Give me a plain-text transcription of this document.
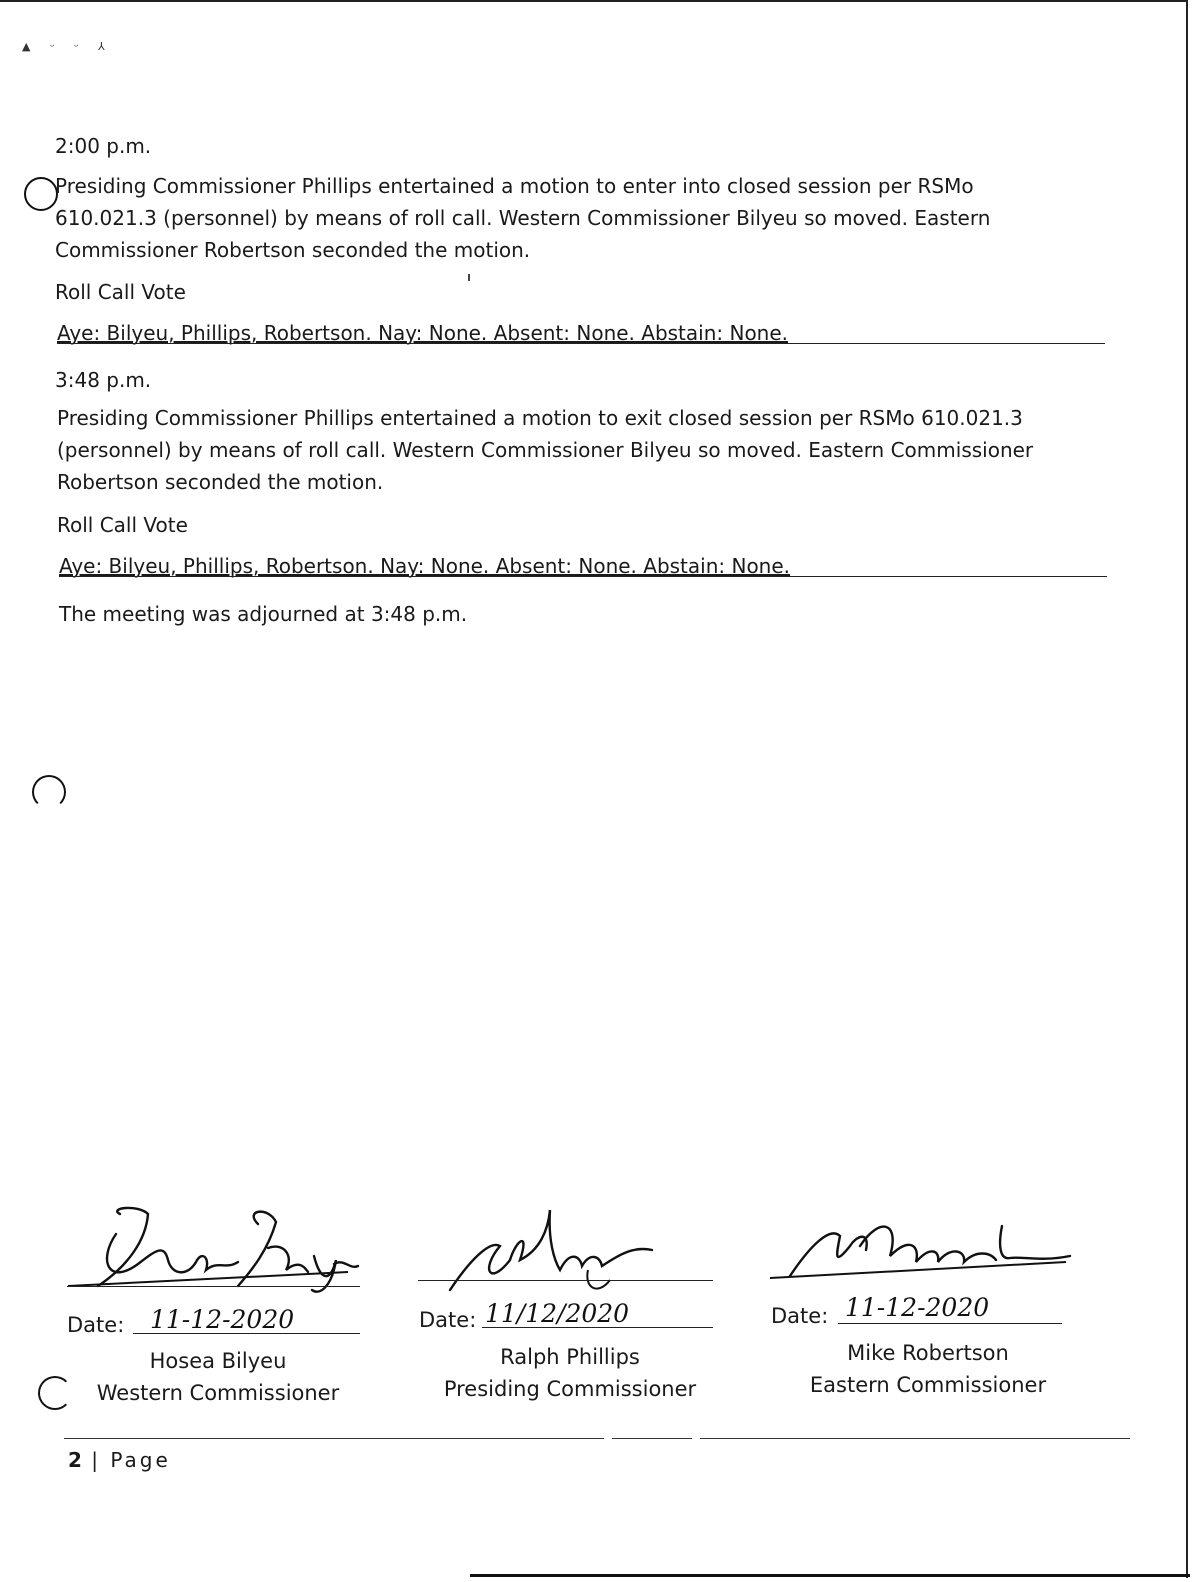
▲ ᵕ ᵕ ⅄
2:00 p.m.
Presiding Commissioner Phillips entertained a motion to enter into closed session per RSMo 610.021.3 (personnel) by means of roll call. Western Commissioner Bilyeu so moved. Eastern Commissioner Robertson seconded the motion.
Roll Call Vote
Aye: Bilyeu, Phillips, Robertson. Nay: None. Absent: None. Abstain: None.
3:48 p.m.
Presiding Commissioner Phillips entertained a motion to exit closed session per RSMo 610.021.3 (personnel) by means of roll call. Western Commissioner Bilyeu so moved. Eastern Commissioner Robertson seconded the motion.
Roll Call Vote
Aye: Bilyeu, Phillips, Robertson. Nay: None. Absent: None. Abstain: None.
The meeting was adjourned at 3:48 p.m.
Date: 11-12-2020
Hosea Bilyeu
Western Commissioner
Date: 11/12/2020
Ralph Phillips
Presiding Commissioner
Date: 11-12-2020
Mike Robertson
Eastern Commissioner
2 | Page
